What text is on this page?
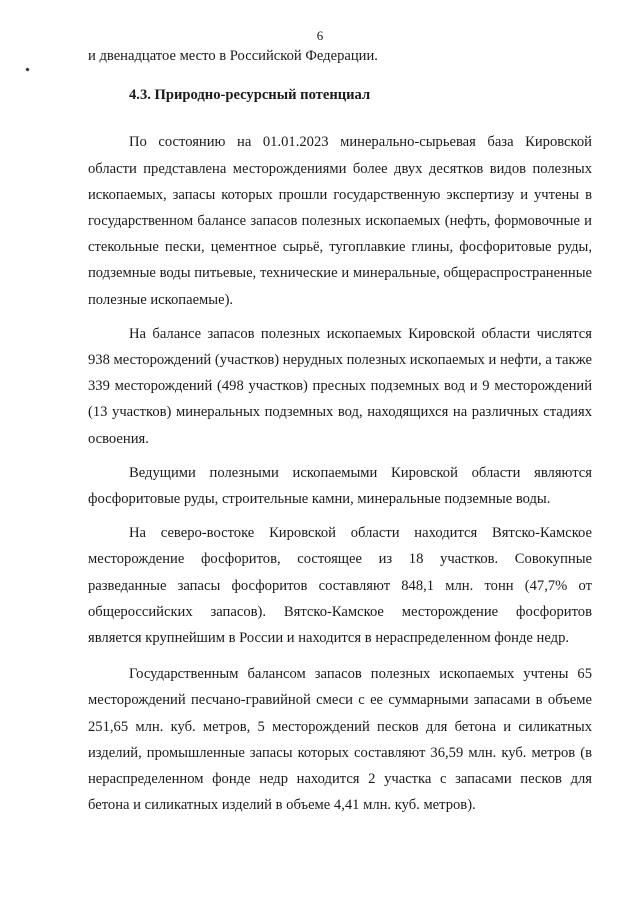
6

и двенадцатое место в Российской Федерации.

4.3. Природно-ресурсный потенциал

По состоянию на 01.01.2023 минерально-сырьевая база Кировской области представлена месторождениями более двух десятков видов полезных ископаемых, запасы которых прошли государственную экспертизу и учтены в государственном балансе запасов полезных ископаемых (нефть, формовочные и стекольные пески, цементное сырьё, тугоплавкие глины, фосфоритовые руды, подземные воды питьевые, технические и минеральные, общераспространенные полезные ископаемые).

На балансе запасов полезных ископаемых Кировской области числятся 938 месторождений (участков) нерудных полезных ископаемых и нефти, а также 339 месторождений (498 участков) пресных подземных вод и 9 месторождений (13 участков) минеральных подземных вод, находящихся на различных стадиях освоения.

Ведущими полезными ископаемыми Кировской области являются фосфоритовые руды, строительные камни, минеральные подземные воды.

На северо-востоке Кировской области находится Вятско-Камское месторождение фосфоритов, состоящее из 18 участков. Совокупные разведанные запасы фосфоритов составляют 848,1 млн. тонн (47,7% от общероссийских запасов). Вятско-Камское месторождение фосфоритов является крупнейшим в России и находится в нераспределенном фонде недр.

Государственным балансом запасов полезных ископаемых учтены 65 месторождений песчано-гравийной смеси с ее суммарными запасами в объеме 251,65 млн. куб. метров, 5 месторождений песков для бетона и силикатных изделий, промышленные запасы которых составляют 36,59 млн. куб. метров (в нераспределенном фонде недр находится 2 участка с запасами песков для бетона и силикатных изделий в объеме 4,41 млн. куб. метров).
